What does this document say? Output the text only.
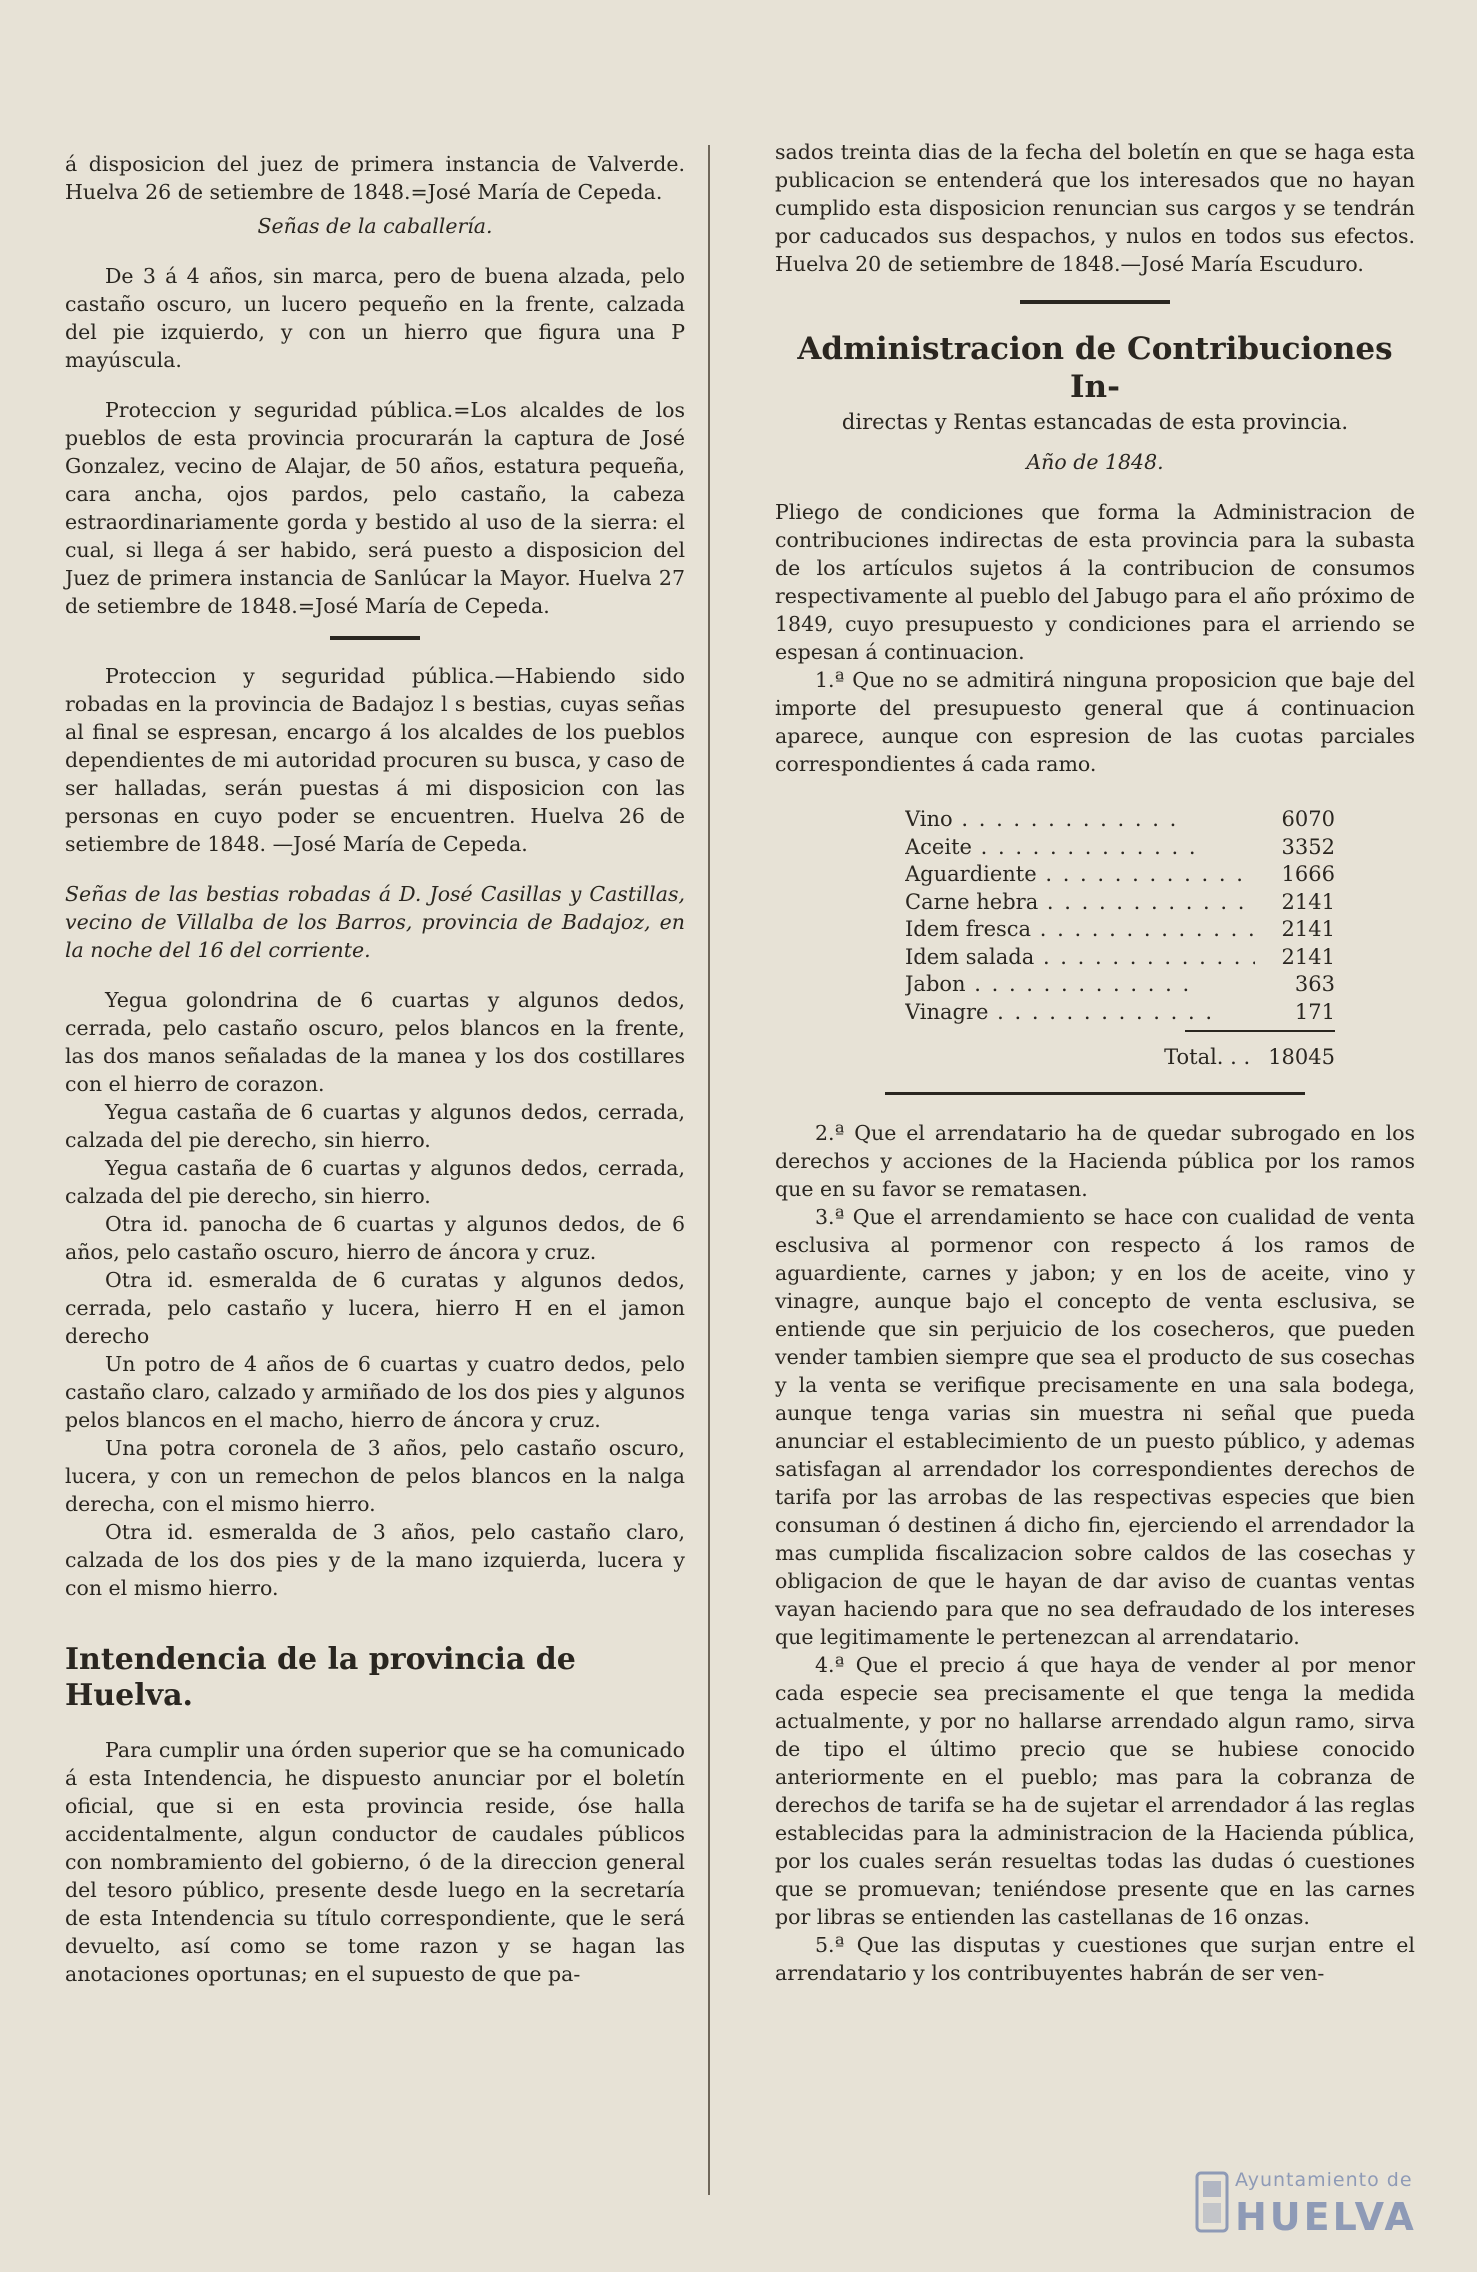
á disposicion del juez de primera instancia de Valverde. Huelva 26 de setiembre de 1848.=José María de Cepeda.

Señas de la caballería.

De 3 á 4 años, sin marca, pero de buena alzada, pelo castaño oscuro, un lucero pequeño en la frente, calzada del pie izquierdo, y con un hierro que figura una P mayúscula.

Proteccion y seguridad pública.=Los alcaldes de los pueblos de esta provincia procurarán la captura de José Gonzalez, vecino de Alajar, de 50 años, estatura pequeña, cara ancha, ojos pardos, pelo castaño, la cabeza estraordinariamente gorda y bestido al uso de la sierra: el cual, si llega á ser habido, será puesto a disposicion del Juez de primera instancia de Sanlúcar la Mayor. Huelva 27 de setiembre de 1848.=José María de Cepeda.

Proteccion y seguridad pública.—Habiendo sido robadas en la provincia de Badajoz l s bestias, cuyas señas al final se espresan, encargo á los alcaldes de los pueblos dependientes de mi autoridad procuren su busca, y caso de ser halladas, serán puestas á mi disposicion con las personas en cuyo poder se encuentren. Huelva 26 de setiembre de 1848. —José María de Cepeda.

Señas de las bestias robadas á D. José Casillas y Castillas, vecino de Villalba de los Barros, provincia de Badajoz, en la noche del 16 del corriente.

Yegua golondrina de 6 cuartas y algunos dedos, cerrada, pelo castaño oscuro, pelos blancos en la frente, las dos manos señaladas de la manea y los dos costillares con el hierro de corazon.

Yegua castaña de 6 cuartas y algunos dedos, cerrada, calzada del pie derecho, sin hierro.

Yegua castaña de 6 cuartas y algunos dedos, cerrada, calzada del pie derecho, sin hierro.

Otra id. panocha de 6 cuartas y algunos dedos, de 6 años, pelo castaño oscuro, hierro de áncora y cruz.

Otra id. esmeralda de 6 curatas y algunos dedos, cerrada, pelo castaño y lucera, hierro H en el jamon derecho

Un potro de 4 años de 6 cuartas y cuatro dedos, pelo castaño claro, calzado y armiñado de los dos pies y algunos pelos blancos en el macho, hierro de áncora y cruz.

Una potra coronela de 3 años, pelo castaño oscuro, lucera, y con un remechon de pelos blancos en la nalga derecha, con el mismo hierro.

Otra id. esmeralda de 3 años, pelo castaño claro, calzada de los dos pies y de la mano izquierda, lucera y con el mismo hierro.

Intendencia de la provincia de Huelva.

Para cumplir una órden superior que se ha comunicado á esta Intendencia, he dispuesto anunciar por el boletín oficial, que si en esta provincia reside, óse halla accidentalmente, algun conductor de caudales públicos con nombramiento del gobierno, ó de la direccion general del tesoro público, presente desde luego en la secretaría de esta Intendencia su título correspondiente, que le será devuelto, así como se tome razon y se hagan las anotaciones oportunas; en el supuesto de que pa-

sados treinta dias de la fecha del boletín en que se haga esta publicacion se entenderá que los interesados que no hayan cumplido esta disposicion renuncian sus cargos y se tendrán por caducados sus despachos, y nulos en todos sus efectos. Huelva 20 de setiembre de 1848.—José María Escuduro.

Administracion de Contribuciones In-

directas y Rentas estancadas de esta provincia.

Año de 1848.

Pliego de condiciones que forma la Administracion de contribuciones indirectas de esta provincia para la subasta de los artículos sujetos á la contribucion de consumos respectivamente al pueblo del Jabugo para el año próximo de 1849, cuyo presupuesto y condiciones para el arriendo se espesan á continuacion.

1.ª Que no se admitirá ninguna proposicion que baje del importe del presupuesto general que á continuacion aparece, aunque con espresion de las cuotas parciales correspondientes á cada ramo.

Vino . . .	6070
Aceite . . .	3352
Aguardiente . . .	1666
Carne hebra . . .	2141
Idem fresca . . .	2141
Idem salada . . .	2141
Jabon . . .	363
Vinagre . . .	171
Total. . . 18045

2.ª Que el arrendatario ha de quedar subrogado en los derechos y acciones de la Hacienda pública por los ramos que en su favor se rematasen.

3.ª Que el arrendamiento se hace con cualidad de venta esclusiva al pormenor con respecto á los ramos de aguardiente, carnes y jabon; y en los de aceite, vino y vinagre, aunque bajo el concepto de venta esclusiva, se entiende que sin perjuicio de los cosecheros, que pueden vender tambien siempre que sea el producto de sus cosechas y la venta se verifique precisamente en una sala bodega, aunque tenga varias sin muestra ni señal que pueda anunciar el establecimiento de un puesto público, y ademas satisfagan al arrendador los correspondientes derechos de tarifa por las arrobas de las respectivas especies que bien consuman ó destinen á dicho fin, ejerciendo el arrendador la mas cumplida fiscalizacion sobre caldos de las cosechas y obligacion de que le hayan de dar aviso de cuantas ventas vayan haciendo para que no sea defraudado de los intereses que legitimamente le pertenezcan al arrendatario.

4.ª Que el precio á que haya de vender al por menor cada especie sea precisamente el que tenga la medida actualmente, y por no hallarse arrendado algun ramo, sirva de tipo el último precio que se hubiese conocido anteriormente en el pueblo; mas para la cobranza de derechos de tarifa se ha de sujetar el arrendador á las reglas establecidas para la administracion de la Hacienda pública, por los cuales serán resueltas todas las dudas ó cuestiones que se promuevan; teniéndose presente que en las carnes por libras se entienden las castellanas de 16 onzas.

5.ª Que las disputas y cuestiones que surjan entre el arrendatario y los contribuyentes habrán de ser ven-

Ayuntamiento de
HUELVA
